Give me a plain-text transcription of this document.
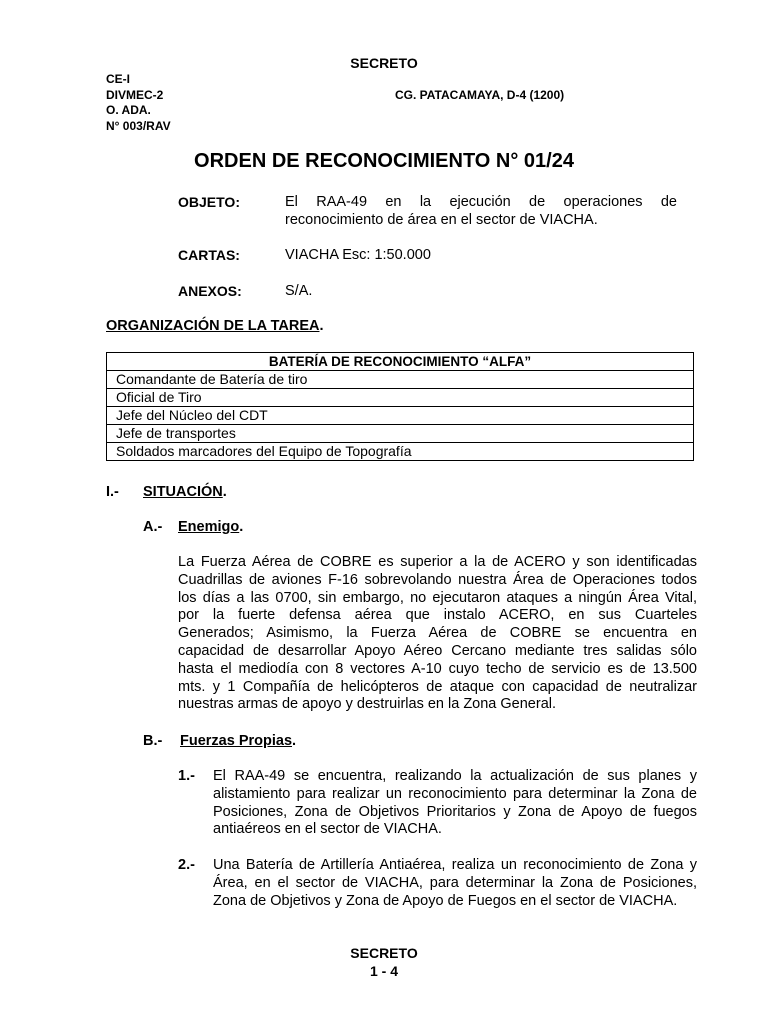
SECRETO
CE-I
DIVMEC-2
O. ADA.
N° 003/RAV
CG. PATACAMAYA, D-4 (1200)
ORDEN DE RECONOCIMIENTO N° 01/24
OBJETO:	El RAA-49 en la ejecución de operaciones de reconocimiento de área en el sector de VIACHA.
CARTAS:	VIACHA Esc: 1:50.000
ANEXOS:	S/A.
ORGANIZACIÓN DE LA TAREA.
BATERÍA DE RECONOCIMIENTO “ALFA”
Comandante de Batería de tiro
Oficial de Tiro
Jefe del Núcleo del CDT
Jefe de transportes
Soldados marcadores del Equipo de Topografía
I.- SITUACIÓN.
A.- Enemigo.
La Fuerza Aérea de COBRE es superior a la de ACERO y son identificadas
Cuadrillas de aviones F-16 sobrevolando nuestra Área de Operaciones todos
los días a las 0700, sin embargo, no ejecutaron ataques a ningún Área Vital,
por la fuerte defensa aérea que instalo ACERO, en sus Cuarteles
Generados; Asimismo, la Fuerza Aérea de COBRE se encuentra en
capacidad de desarrollar Apoyo Aéreo Cercano mediante tres salidas sólo
hasta el mediodía con 8 vectores A-10 cuyo techo de servicio es de 13.500
mts. y 1 Compañía de helicópteros de ataque con capacidad de neutralizar
nuestras armas de apoyo y destruirlas en la Zona General.
B.- Fuerzas Propias.
1.- El RAA-49 se encuentra, realizando la actualización de sus planes y
alistamiento para realizar un reconocimiento para determinar la Zona de
Posiciones, Zona de Objetivos Prioritarios y Zona de Apoyo de fuegos
antiaéreos en el sector de VIACHA.
2.- Una Batería de Artillería Antiaérea, realiza un reconocimiento de Zona y
Área, en el sector de VIACHA, para determinar la Zona de Posiciones,
Zona de Objetivos y Zona de Apoyo de Fuegos en el sector de VIACHA.
SECRETO
1 - 4
